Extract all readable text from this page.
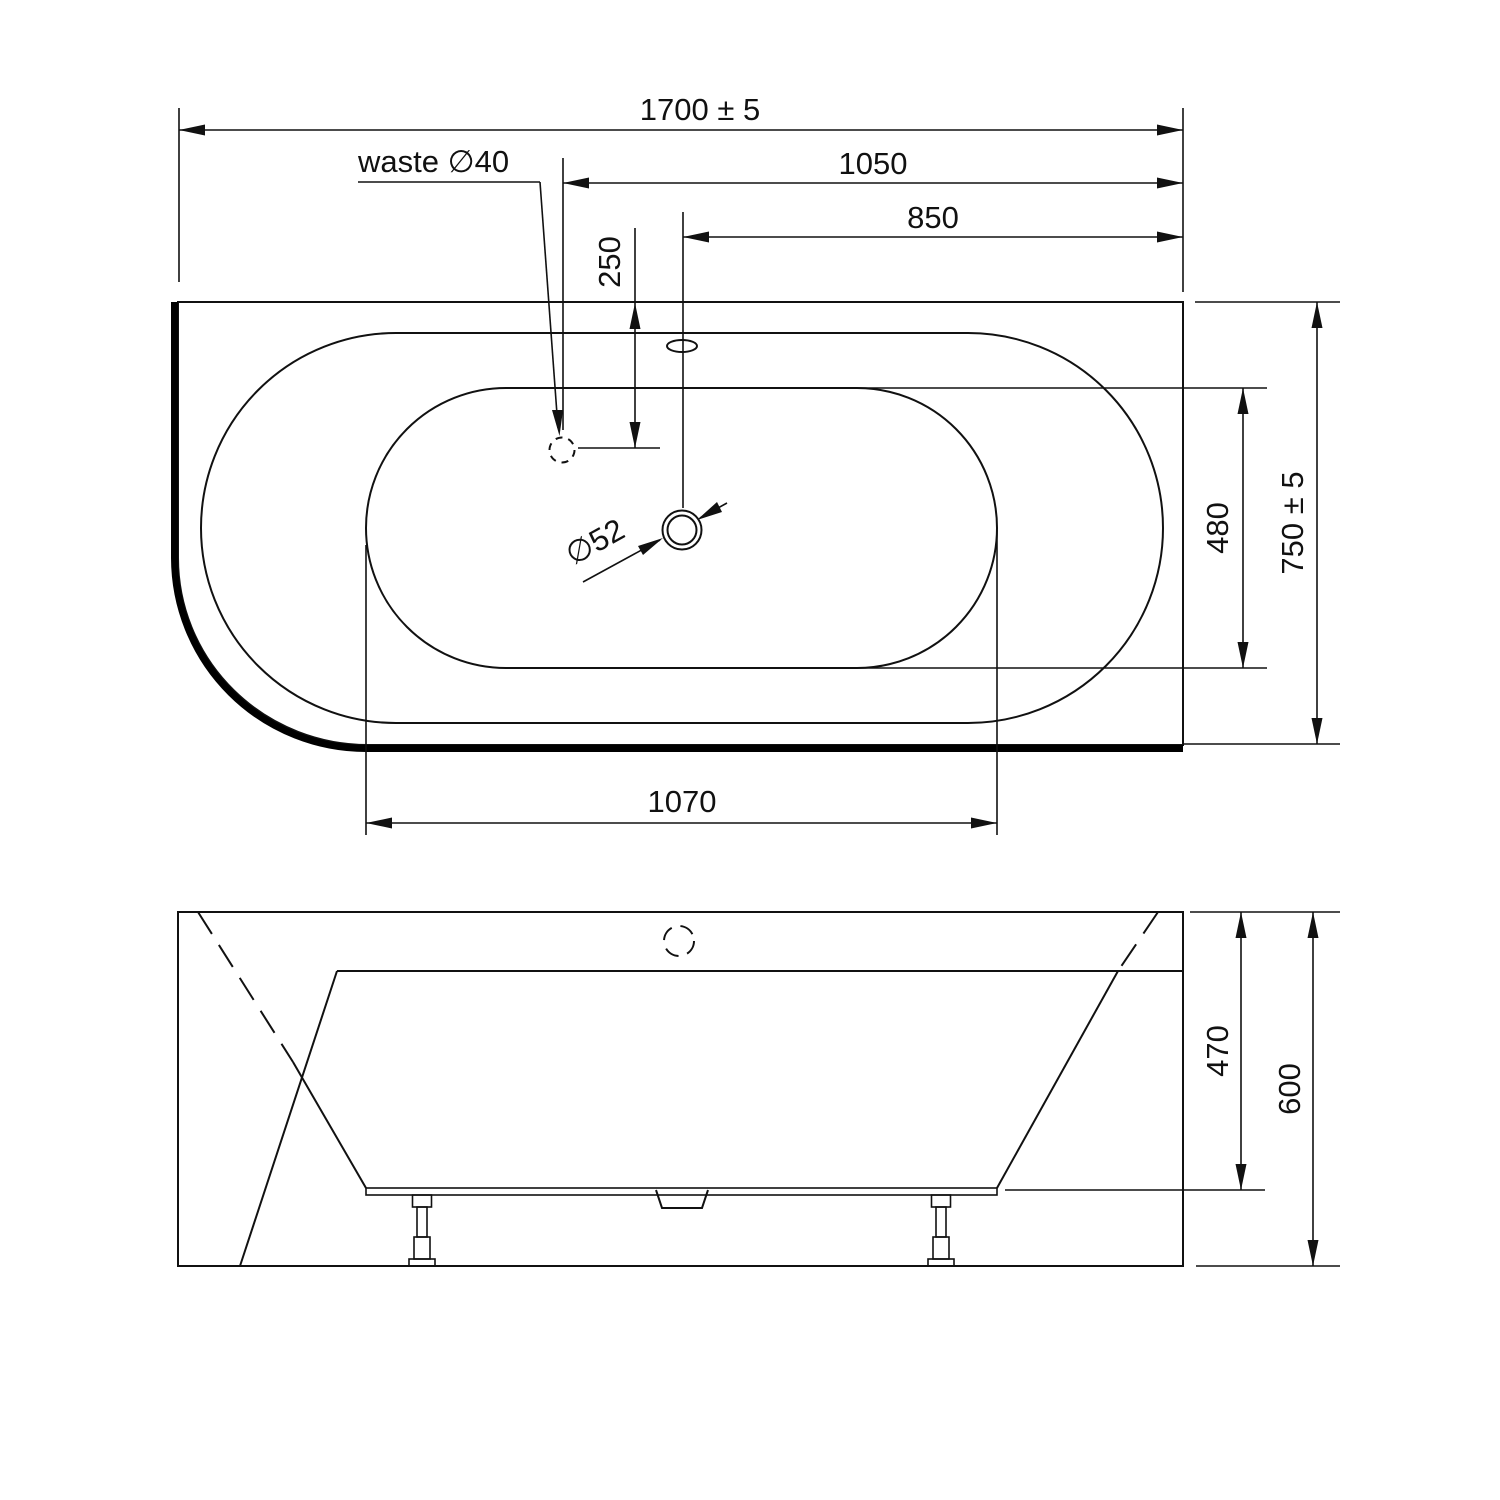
1700 ± 5
1050
850
250
waste ∅40
∅52	480 750 ± 5
1070
470
600
